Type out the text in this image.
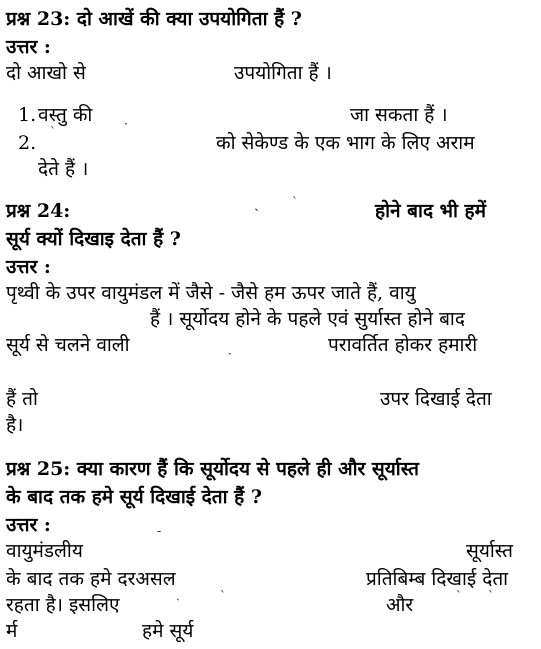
प्रश्न 23: दो आखें की क्या उपयोगिता हैं ?
उत्तर :
दो आखो से	उपयोगिता हैं ।
1. वस्तु की	जा सकता हैं ।
·
2.	को सेकेण्ड के एक भाग के लिए अराम
ˋ
देते हैं ।
प्रश्न 24:	ˎ	ˋ	होने बाद भी हमें
सूर्य क्यों दिखाइ देता हैं ?
उत्तर :
पृथ्वी के उपर वायुमंडल में जैसे - जैसे हम ऊपर जाते हैं, वायु
हैं । सूर्योदय होने के पहले एवं सुर्यास्त होने बाद
सूर्य से चलने वाली	·	परावर्तित होकर हमारी
हैं तो	उपर दिखाई देता
है।
प्रश्न 25: क्या कारण हैं कि सूर्योदय से पहले ही और सूर्यास्त
के बाद तक हमे सूर्य दिखाई देता हैं ?
उत्तर :	ˉ
वायुमंडलीय	सूर्यास्त
के बाद तक हमे दरअसल	प्रतिबिम्ब दिखाई देता
रहता है। इसलिए	ˎ	ˋ	और	ˋ ˋ
र्म	हमे सूर्य
